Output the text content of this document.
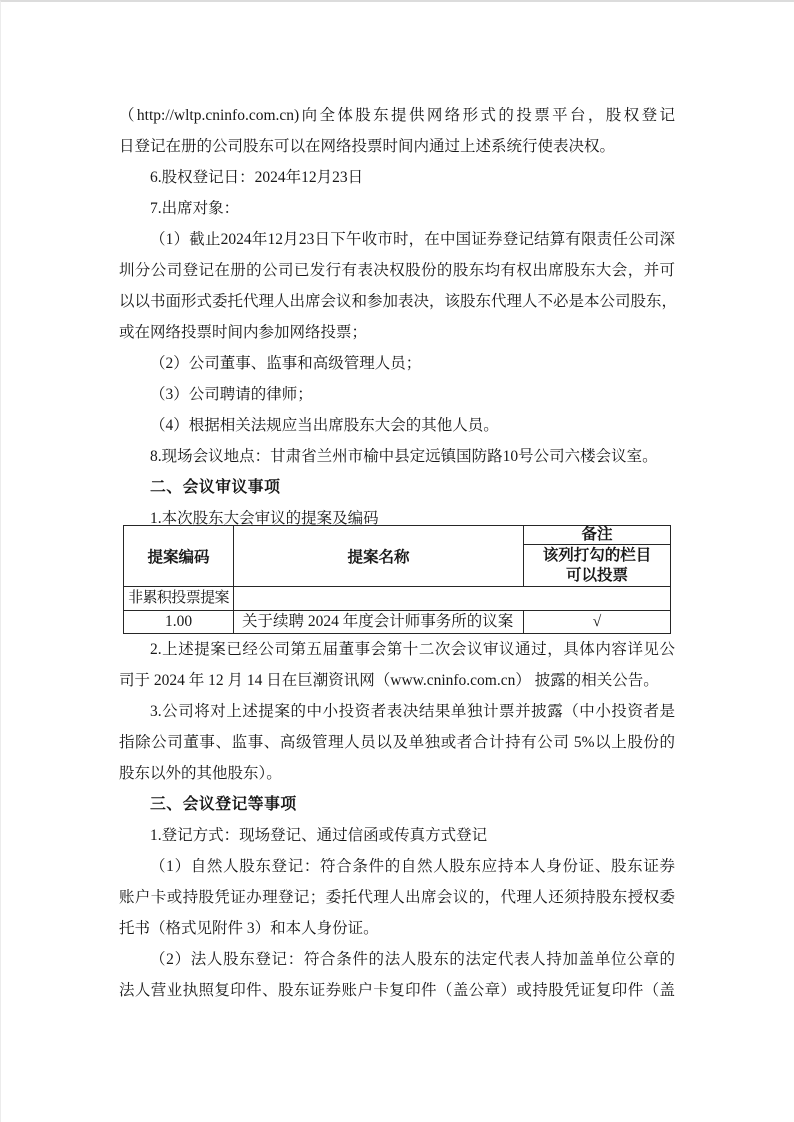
（http://wltp.cninfo.com.cn)向全体股东提供网络形式的投票平台，股权登记
日登记在册的公司股东可以在网络投票时间内通过上述系统行使表决权。
6.股权登记日：2024年12月23日
7.出席对象：
（1）截止2024年12月23日下午收市时，在中国证券登记结算有限责任公司深
圳分公司登记在册的公司已发行有表决权股份的股东均有权出席股东大会，并可
以以书面形式委托代理人出席会议和参加表决，该股东代理人不必是本公司股东，
或在网络投票时间内参加网络投票；
（2）公司董事、监事和高级管理人员；
（3）公司聘请的律师；
（4）根据相关法规应当出席股东大会的其他人员。
8.现场会议地点：甘肃省兰州市榆中县定远镇国防路10号公司六楼会议室。
二、会议审议事项
1.本次股东大会审议的提案及编码
提案编码	提案名称	备注

		该列打勾的栏目
可以投票

非累积投票提案		
1.00	关于续聘 2024 年度会计师事务所的议案	√
2.上述提案已经公司第五届董事会第十二次会议审议通过，具体内容详见公
司于 2024 年 12 月 14 日在巨潮资讯网（www.cninfo.com.cn） 披露的相关公告。
3.公司将对上述提案的中小投资者表决结果单独计票并披露（中小投资者是
指除公司董事、监事、高级管理人员以及单独或者合计持有公司 5%以上股份的
股东以外的其他股东）。
三、会议登记等事项
1.登记方式：现场登记、通过信函或传真方式登记
（1）自然人股东登记：符合条件的自然人股东应持本人身份证、股东证券
账户卡或持股凭证办理登记；委托代理人出席会议的，代理人还须持股东授权委
托书（格式见附件 3）和本人身份证。
（2）法人股东登记：符合条件的法人股东的法定代表人持加盖单位公章的
法人营业执照复印件、股东证券账户卡复印件（盖公章）或持股凭证复印件（盖
